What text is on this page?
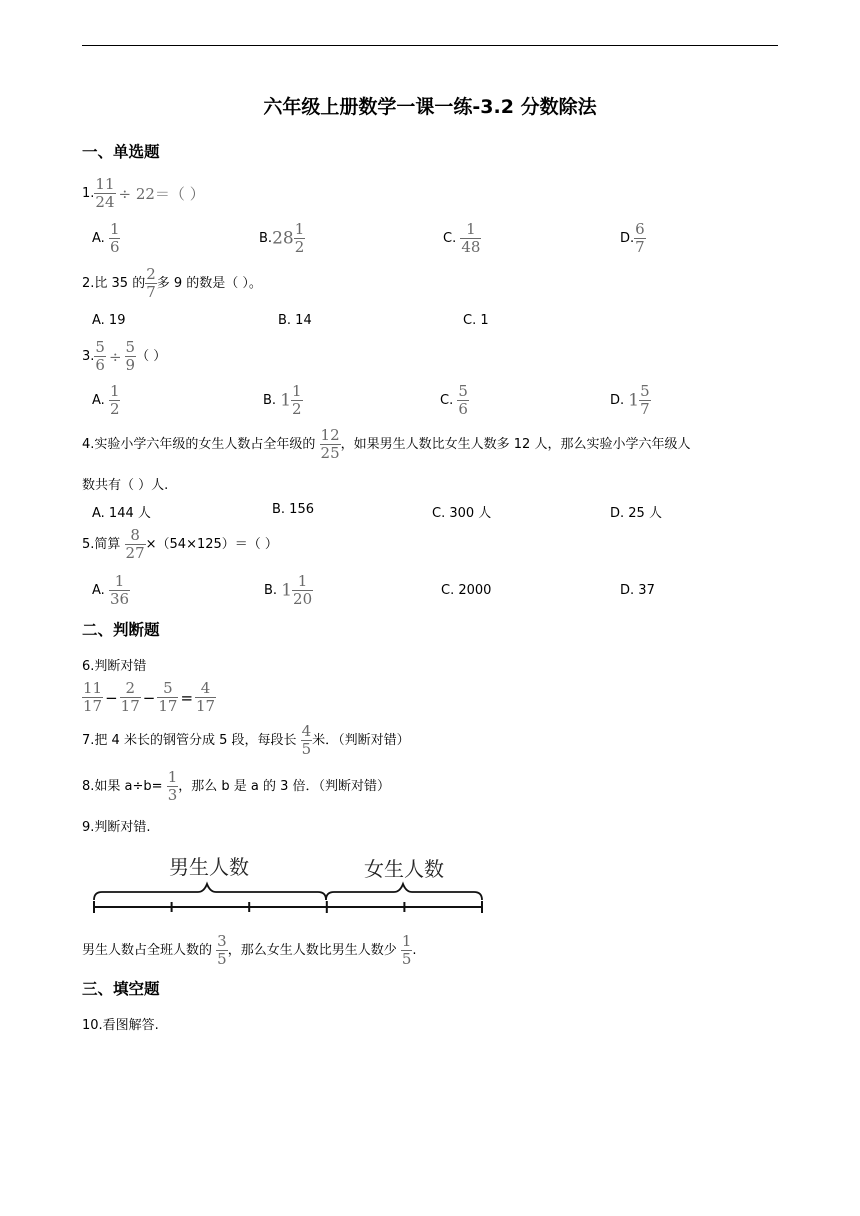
六年级上册数学一课一练-3.2 分数除法
一、单选题
1. $\frac{11}{24} \div 22=$（ ）
A. $\frac{1}{6}$	$B.28 \frac{1}{2}$	C. $\frac{1}{48}$	D. $\frac{6}{7}$
2.比 35 的 $\frac{2}{7}$ 多 9 的数是（ ）。
A. 19	B. 14	C. 1
3. $\frac{5}{6} \div \frac{5}{9}$ （ ）
A. $\frac{1}{2}$	B. $1 \frac{1}{2}$	C. $\frac{5}{6}$	D. $1 \frac{5}{7}$
4.实验小学六年级的女生人数占全年级的 $\frac{12}{25}$ ，如果男生人数比女生人数多 12 人，那么实验小学六年级人
数共有（ ）人.
A. 144 人	B. 156	C. 300 人	D. 25 人
5.简算 $\frac{8}{27} \times(54\times 125)=$（ ）
A. $\frac{1}{36}$	B. $1 \frac{1}{20}$	C. 2000	D. 37
二、判断题
6.判断对错
$\frac{11}{17} - \frac{2}{17} - \frac{5}{17} = \frac{4}{17}$
7.把 4 米长的钢管分成 5 段，每段长 $\frac{4}{5}$ 米．（判断对错）
8.如果 $a\div b= \frac{1}{3}$ ，那么 b 是 a 的 3 倍．（判断对错）
9.判断对错.
男生人数	女生人数
男生人数占全班人数的 $\frac{3}{5}$ ，那么女生人数比男生人数少 $\frac{1}{5}$ .
三、填空题
10.看图解答.
